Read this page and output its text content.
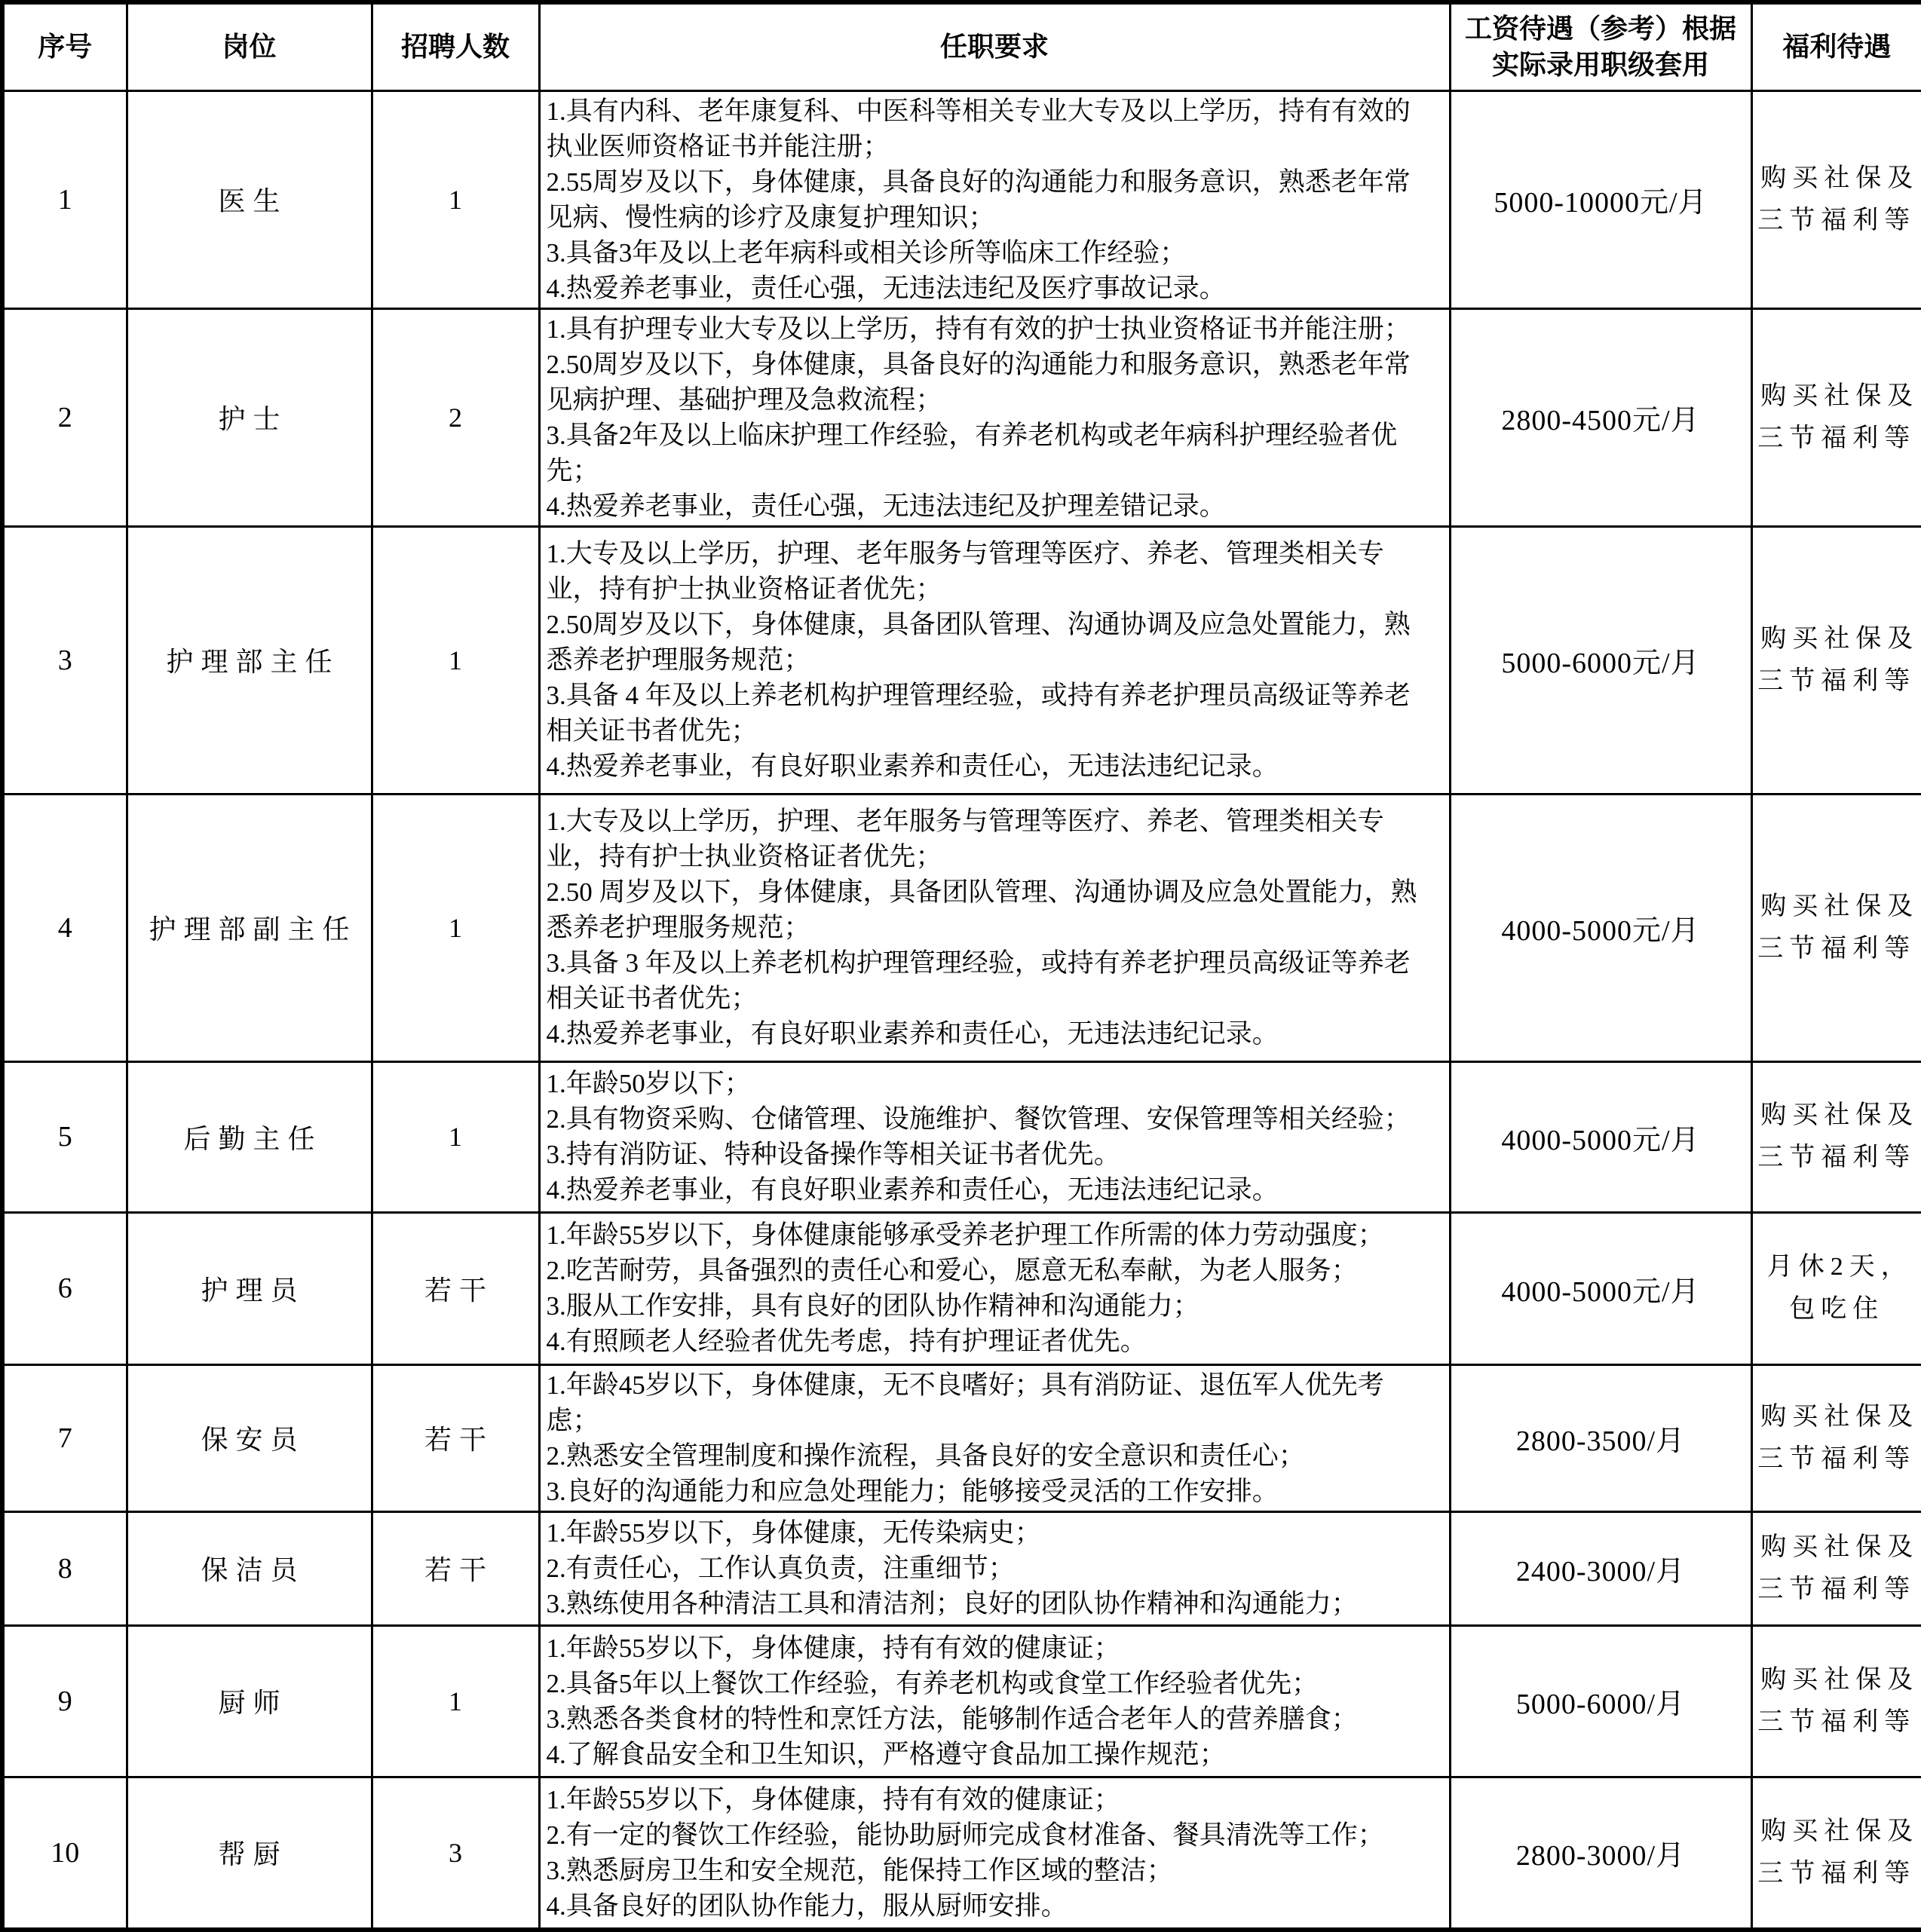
序号	岗位	招聘人数	任职要求	工资待遇（参考）根据实际录用职级套用	福利待遇
1	医生	1	1.具有内科、老年康复科、中医科等相关专业大专及以上学历，持有有效的执业医师资格证书并能注册；

2.55周岁及以下，身体健康，具备良好的沟通能力和服务意识，熟悉老年常见病、慢性病的诊疗及康复护理知识；

3.具备3年及以上老年病科或相关诊所等临床工作经验；

4.热爱养老事业，责任心强，无违法违纪及医疗事故记录。	5000-10000元/月	购买社保及三节福利等
2	护士	2	1.具有护理专业大专及以上学历，持有有效的护士执业资格证书并能注册；

2.50周岁及以下，身体健康，具备良好的沟通能力和服务意识，熟悉老年常见病护理、基础护理及急救流程；

3.具备2年及以上临床护理工作经验，有养老机构或老年病科护理经验者优先；

4.热爱养老事业，责任心强，无违法违纪及护理差错记录。	2800-4500元/月	购买社保及三节福利等
3	护理部主任	1	1.大专及以上学历，护理、老年服务与管理等医疗、养老、管理类相关专业，持有护士执业资格证者优先；

2.50周岁及以下，身体健康，具备团队管理、沟通协调及应急处置能力，熟悉养老护理服务规范；

3.具备 4 年及以上养老机构护理管理经验，或持有养老护理员高级证等养老相关证书者优先；

4.热爱养老事业，有良好职业素养和责任心，无违法违纪记录。	5000-6000元/月	购买社保及三节福利等
4	护理部副主任	1	1.大专及以上学历，护理、老年服务与管理等医疗、养老、管理类相关专业，持有护士执业资格证者优先；

2.50 周岁及以下，身体健康，具备团队管理、沟通协调及应急处置能力，熟悉养老护理服务规范；

3.具备 3 年及以上养老机构护理管理经验，或持有养老护理员高级证等养老相关证书者优先；

4.热爱养老事业，有良好职业素养和责任心，无违法违纪记录。	4000-5000元/月	购买社保及三节福利等
5	后勤主任	1	1.年龄50岁以下；

2.具有物资采购、仓储管理、设施维护、餐饮管理、安保管理等相关经验；

3.持有消防证、特种设备操作等相关证书者优先。

4.热爱养老事业，有良好职业素养和责任心，无违法违纪记录。	4000-5000元/月	购买社保及三节福利等
6	护理员	若干	1.年龄55岁以下，身体健康能够承受养老护理工作所需的体力劳动强度；

2.吃苦耐劳，具备强烈的责任心和爱心，愿意无私奉献，为老人服务；

3.服从工作安排，具有良好的团队协作精神和沟通能力；

4.有照顾老人经验者优先考虑，持有护理证者优先。	4000-5000元/月	月休2天，包吃住
7	保安员	若干	1.年龄45岁以下，身体健康，无不良嗜好；具有消防证、退伍军人优先考虑；

2.熟悉安全管理制度和操作流程，具备良好的安全意识和责任心；

3.良好的沟通能力和应急处理能力；能够接受灵活的工作安排。	2800-3500/月	购买社保及三节福利等
8	保洁员	若干	1.年龄55岁以下，身体健康，无传染病史；

2.有责任心，工作认真负责，注重细节；

3.熟练使用各种清洁工具和清洁剂；良好的团队协作精神和沟通能力；	2400-3000/月	购买社保及三节福利等
9	厨师	1	1.年龄55岁以下，身体健康，持有有效的健康证；

2.具备5年以上餐饮工作经验，有养老机构或食堂工作经验者优先；

3.熟悉各类食材的特性和烹饪方法，能够制作适合老年人的营养膳食；

4.了解食品安全和卫生知识，严格遵守食品加工操作规范；	5000-6000/月	购买社保及三节福利等
10	帮厨	3	1.年龄55岁以下，身体健康，持有有效的健康证；

2.有一定的餐饮工作经验，能协助厨师完成食材准备、餐具清洗等工作；

3.熟悉厨房卫生和安全规范，能保持工作区域的整洁；

4.具备良好的团队协作能力，服从厨师安排。	2800-3000/月	购买社保及三节福利等
